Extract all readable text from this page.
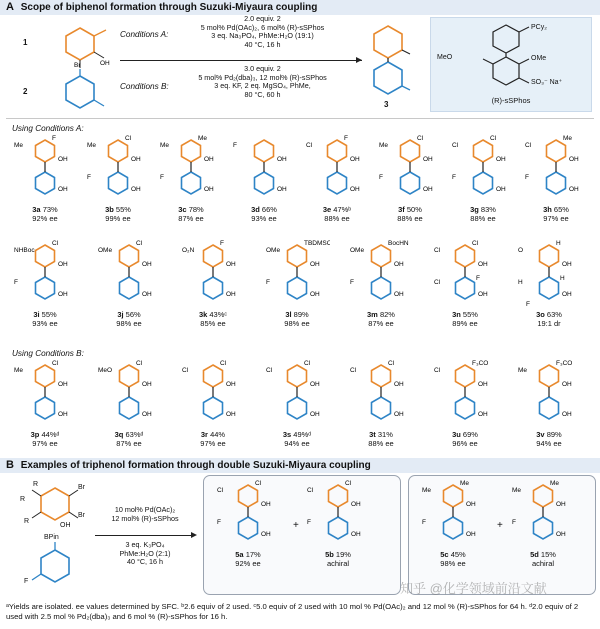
A Scope of biphenol formation through Suzuki-Miyaura coupling
Br	OH
1
2
2.0 equiv. 2
5 mol% Pd(OAc)₂, 6 mol% (R)-sSPhos
3 eq. Na₃PO₄, PhMe:H₂O (19:1)
40 °C, 16 h
Conditions A:
Conditions B:
3.0 equiv. 2
5 mol% Pd₂(dba)₃, 12 mol% (R)-sSPhos
3 eq. KF, 2 eq. MgSO₄, PhMe,
80 °C, 60 h
3
PCy₂
MeO	OMe
SO₃⁻ Na⁺
(R)-sSPhos
Using Conditions A:
Using Conditions B:
B Examples of triphenol formation through double Suzuki-Miyaura coupling
R	Br
Br
R
R
OH
BPin
F
10 mol% Pd(OAc)₂
12 mol% (R)-sSPhos
3 eq. K₃PO₄
PhMe:H₂O (2:1)
40 °C, 16 h
+	+
ᵃYields are isolated. ee values determined by SFC. ᵇ2.6 equiv of 2 used. ᶜ5.0 equiv of 2 used with 10 mol % Pd(OAc)₂ and 12 mol % (R)-sSPhos for 64 h. ᵈ2.0 equiv of 2 used with 2.5 mol % Pd₂(dba)₃ and 6 mol % (R)-sSPhos for 16 h.
知乎 @化学领域前沿文献
OH
OH
Me
F
3a 73%
92% ee
OH
OH
Me
Cl
F
3b 55%
99% ee
OH
OH
Me
Me
F
3c 78%
87% ee
OH
OH
F
3d 66%
93% ee
OH
OH
Cl
F
3e 47%ᵇ
88% ee
OH
OH
Me
Cl
F
3f 50%
88% ee
OH
OH
Cl
Cl
F
3g 83%
88% ee
OH
OH
Cl
Me
F
3h 65%
97% ee
OH
OH
NHBoc
Cl
F
3i 55%
93% ee
OH
OH
OMe
Cl
3j 56%
98% ee
OH
OH
O₂N
F
3k 43%ᶜ
85% ee
OH
OH
OMe
TBDMSO
F
3l 89%
98% ee
OH
OH
OMe
BocHN
F
3m 82%
87% ee
OH
OH
Cl
Cl
Cl
F
3n 55%
89% ee
OH
OH
O
H
H
H
F
3o 63%
19:1 dr
OH
OH
Me
Cl
3p 44%ᵈ
97% ee
OH
OH
MeO
Cl
3q 63%ᵈ
87% ee
OH
OH
Cl
Cl
3r 44%
97% ee
OH
OH
Cl
Cl
3s 49%ᵈ
94% ee
OH
OH
Cl
Cl
3t 31%
88% ee
OH
OH
Cl
F₃CO
3u 69%
96% ee
OH
OH
Me
F₃CO
3v 89%
94% ee
OH
OH
Cl
Cl
F
5a 17%
92% ee
OH
OH
Cl
Cl
F
5b 19%
achiral
OH
OH
Me
Me
F
5c 45%
98% ee
OH
OH
Me
Me
F
5d 15%
achiral
